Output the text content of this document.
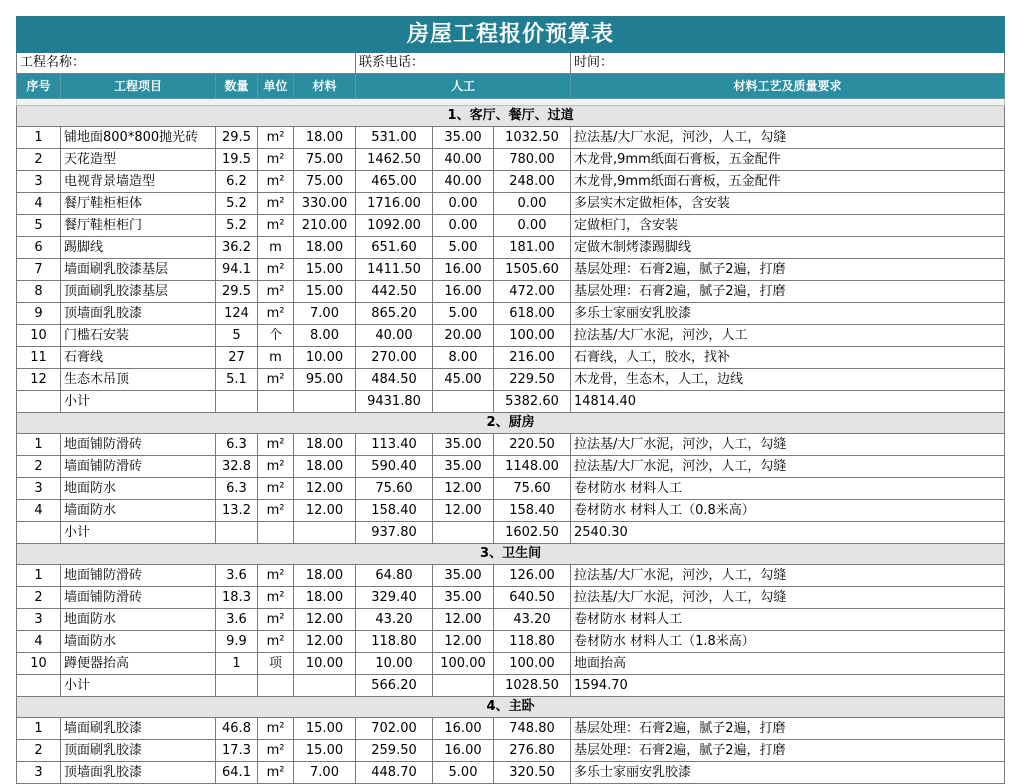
房屋工程报价预算表								
工程名称：					联系电话：			时间：
序号	工程项目	数量	单位	材料	人工			材料工艺及质量要求

1、客厅、餐厅、过道								
1	铺地面800*800抛光砖	29.5	m²	18.00	531.00	35.00	1032.50	拉法基/大厂水泥，河沙，人工，勾缝
2	天花造型	19.5	m²	75.00	1462.50	40.00	780.00	木龙骨,9mm纸面石膏板，五金配件
3	电视背景墙造型	6.2	m²	75.00	465.00	40.00	248.00	木龙骨,9mm纸面石膏板，五金配件
4	餐厅鞋柜柜体	5.2	m²	330.00	1716.00	0.00	0.00	多层实木定做柜体，含安装
5	餐厅鞋柜柜门	5.2	m²	210.00	1092.00	0.00	0.00	定做柜门，含安装
6	踢脚线	36.2	m	18.00	651.60	5.00	181.00	定做木制烤漆踢脚线
7	墙面刷乳胶漆基层	94.1	m²	15.00	1411.50	16.00	1505.60	基层处理：石膏2遍，腻子2遍，打磨
8	顶面刷乳胶漆基层	29.5	m²	15.00	442.50	16.00	472.00	基层处理：石膏2遍，腻子2遍，打磨
9	顶墙面乳胶漆	124	m²	7.00	865.20	5.00	618.00	多乐士家丽安乳胶漆
10	门槛石安装	5	个	8.00	40.00	20.00	100.00	拉法基/大厂水泥，河沙，人工
11	石膏线	27	m	10.00	270.00	8.00	216.00	石膏线，人工，胶水，找补
12	生态木吊顶	5.1	m²	95.00	484.50	45.00	229.50	木龙骨，生态木，人工，边线
	小计				9431.80		5382.60	14814.40
2、厨房								
1	地面铺防滑砖	6.3	m²	18.00	113.40	35.00	220.50	拉法基/大厂水泥，河沙，人工，勾缝
2	墙面铺防滑砖	32.8	m²	18.00	590.40	35.00	1148.00	拉法基/大厂水泥，河沙，人工，勾缝
3	地面防水	6.3	m²	12.00	75.60	12.00	75.60	卷材防水 材料人工
4	墙面防水	13.2	m²	12.00	158.40	12.00	158.40	卷材防水 材料人工（0.8米高）
	小计				937.80		1602.50	2540.30
3、卫生间								
1	地面铺防滑砖	3.6	m²	18.00	64.80	35.00	126.00	拉法基/大厂水泥，河沙，人工，勾缝
2	墙面铺防滑砖	18.3	m²	18.00	329.40	35.00	640.50	拉法基/大厂水泥，河沙，人工，勾缝
3	地面防水	3.6	m²	12.00	43.20	12.00	43.20	卷材防水 材料人工
4	墙面防水	9.9	m²	12.00	118.80	12.00	118.80	卷材防水 材料人工（1.8米高）
10	蹲便器抬高	1	项	10.00	10.00	100.00	100.00	地面抬高
	小计				566.20		1028.50	1594.70
4、主卧								
1	墙面刷乳胶漆	46.8	m²	15.00	702.00	16.00	748.80	基层处理：石膏2遍，腻子2遍，打磨
2	顶面刷乳胶漆	17.3	m²	15.00	259.50	16.00	276.80	基层处理：石膏2遍，腻子2遍，打磨
3	顶墙面乳胶漆	64.1	m²	7.00	448.70	5.00	320.50	多乐士家丽安乳胶漆
